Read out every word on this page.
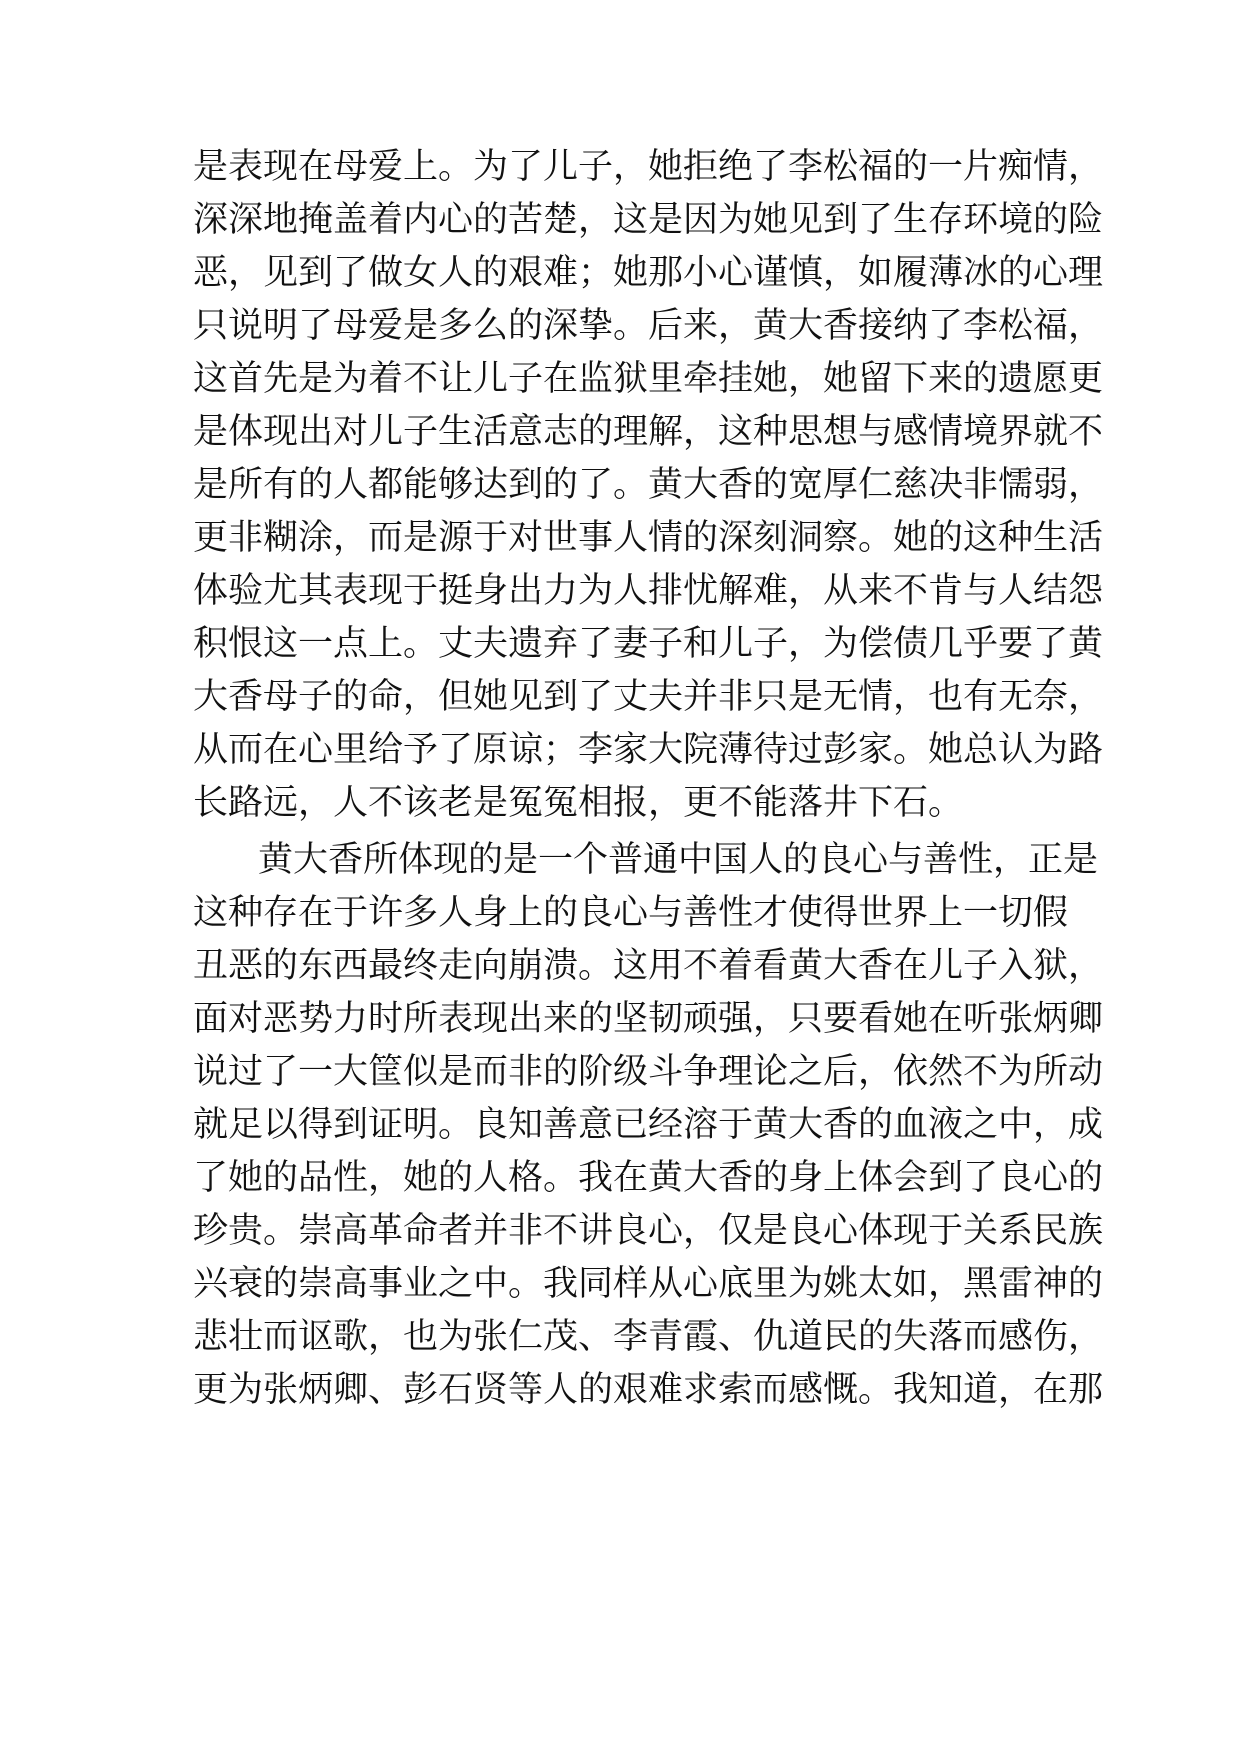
是表现在母爱上。为了儿子，她拒绝了李松福的一片痴情，
深深地掩盖着内心的苦楚，这是因为她见到了生存环境的险
恶，见到了做女人的艰难；她那小心谨慎，如履薄冰的心理
只说明了母爱是多么的深挚。后来，黄大香接纳了李松福，
这首先是为着不让儿子在监狱里牵挂她，她留下来的遗愿更
是体现出对儿子生活意志的理解，这种思想与感情境界就不
是所有的人都能够达到的了。黄大香的宽厚仁慈决非懦弱，
更非糊涂，而是源于对世事人情的深刻洞察。她的这种生活
体验尤其表现于挺身出力为人排忧解难，从来不肯与人结怨
积恨这一点上。丈夫遗弃了妻子和儿子，为偿债几乎要了黄
大香母子的命，但她见到了丈夫并非只是无情，也有无奈，
从而在心里给予了原谅；李家大院薄待过彭家。她总认为路
长路远，人不该老是冤冤相报，更不能落井下石。
黄大香所体现的是一个普通中国人的良心与善性，正是
这种存在于许多人身上的良心与善性才使得世界上一切假
丑恶的东西最终走向崩溃。这用不着看黄大香在儿子入狱，
面对恶势力时所表现出来的坚韧顽强，只要看她在听张炳卿
说过了一大筐似是而非的阶级斗争理论之后，依然不为所动
就足以得到证明。良知善意已经溶于黄大香的血液之中，成
了她的品性，她的人格。我在黄大香的身上体会到了良心的
珍贵。崇高革命者并非不讲良心，仅是良心体现于关系民族
兴衰的崇高事业之中。我同样从心底里为姚太如，黑雷神的
悲壮而讴歌，也为张仁茂、李青霞、仇道民的失落而感伤，
更为张炳卿、彭石贤等人的艰难求索而感慨。我知道，在那
